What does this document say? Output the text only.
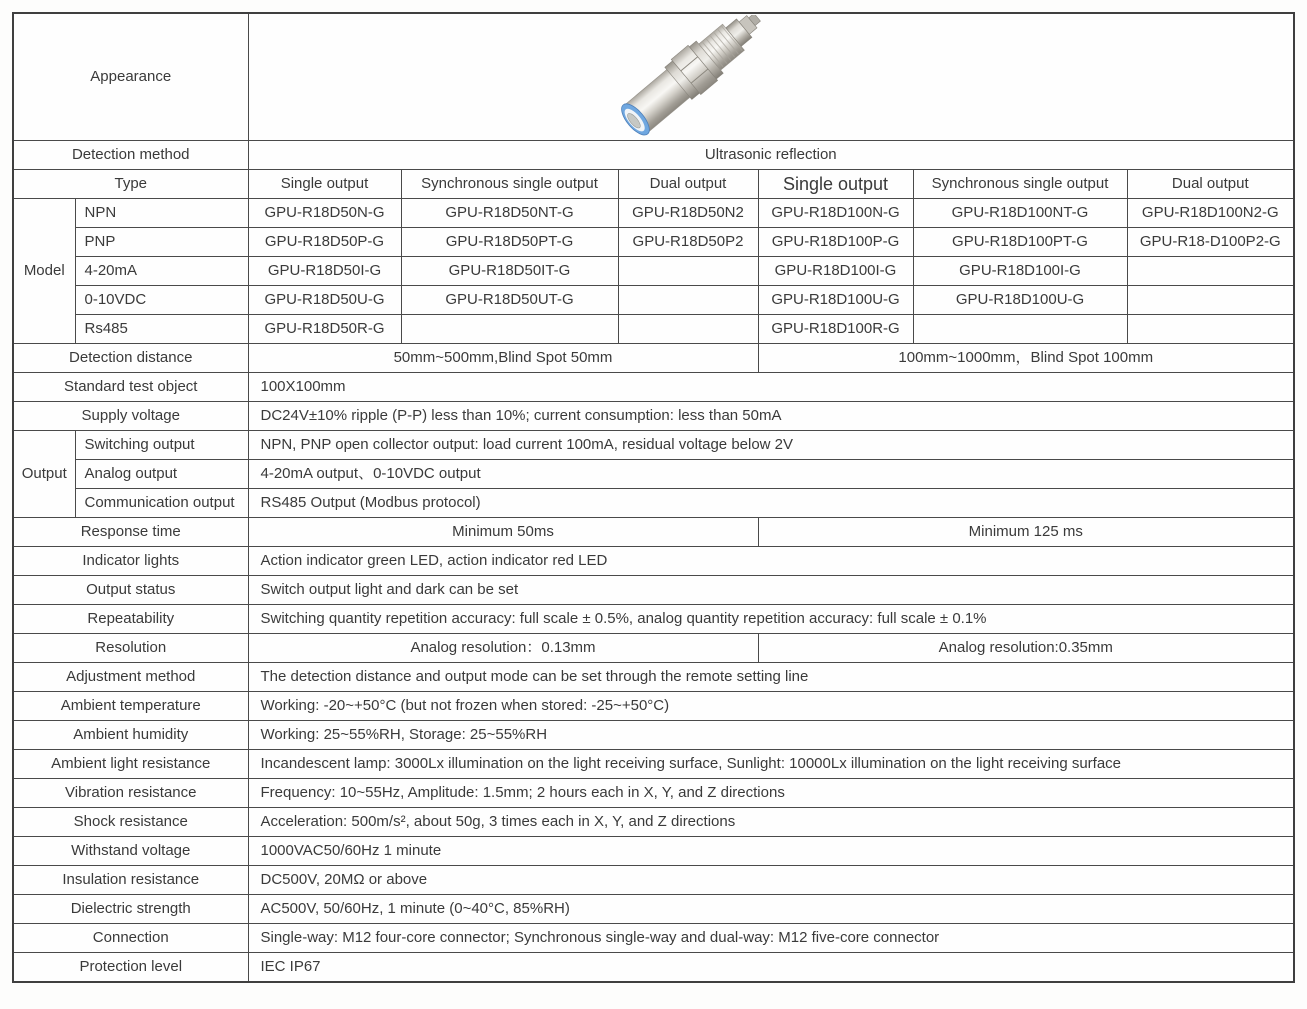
Appearance	
Detection method		Ultrasonic reflection					
Type		Single output	Synchronous single output	Dual output	Single output	Synchronous single output	Dual output
Model	NPN	GPU-R18D50N-G	GPU-R18D50NT-G	GPU-R18D50N2	GPU-R18D100N-G	GPU-R18D100NT-G	GPU-R18D100N2-G
	PNP	GPU-R18D50P-G	GPU-R18D50PT-G	GPU-R18D50P2	GPU-R18D100P-G	GPU-R18D100PT-G	GPU-R18-D100P2-G
	4-20mA	GPU-R18D50I-G	GPU-R18D50IT-G		GPU-R18D100I-G	GPU-R18D100I-G	
	0-10VDC	GPU-R18D50U-G	GPU-R18D50UT-G		GPU-R18D100U-G	GPU-R18D100U-G	
	Rs485	GPU-R18D50R-G			GPU-R18D100R-G		
Detection distance		50mm~500mm,Blind Spot 50mm			100mm~1000mm，Blind Spot 100mm		
Standard test object		100X100mm					
Supply voltage		DC24V±10% ripple (P-P) less than 10%; current consumption: less than 50mA					
Output	Switching output	NPN, PNP open collector output: load current 100mA, residual voltage below 2V					
	Analog output	4-20mA output、0-10VDC output					
	Communication output	RS485 Output (Modbus protocol)					
Response time		Minimum 50ms			Minimum 125 ms		
Indicator lights		Action indicator green LED, action indicator red LED					
Output status		Switch output light and dark can be set					
Repeatability		Switching quantity repetition accuracy: full scale ± 0.5%, analog quantity repetition accuracy: full scale ± 0.1%					
Resolution		Analog resolution：0.13mm			Analog resolution:0.35mm		
Adjustment method		The detection distance and output mode can be set through the remote setting line					
Ambient temperature		Working: -20~+50°C (but not frozen when stored: -25~+50°C)					
Ambient humidity		Working: 25~55%RH, Storage: 25~55%RH					
Ambient light resistance		Incandescent lamp: 3000Lx illumination on the light receiving surface, Sunlight: 10000Lx illumination on the light receiving surface					
Vibration resistance		Frequency: 10~55Hz, Amplitude: 1.5mm; 2 hours each in X, Y, and Z directions					
Shock resistance		Acceleration: 500m/s², about 50g, 3 times each in X, Y, and Z directions					
Withstand voltage		1000VAC50/60Hz 1 minute					
Insulation resistance		DC500V, 20MΩ or above					
Dielectric strength		AC500V, 50/60Hz, 1 minute (0~40°C, 85%RH)					
Connection		Single-way: M12 four-core connector; Synchronous single-way and dual-way: M12 five-core connector					
Protection level		IEC IP67					
